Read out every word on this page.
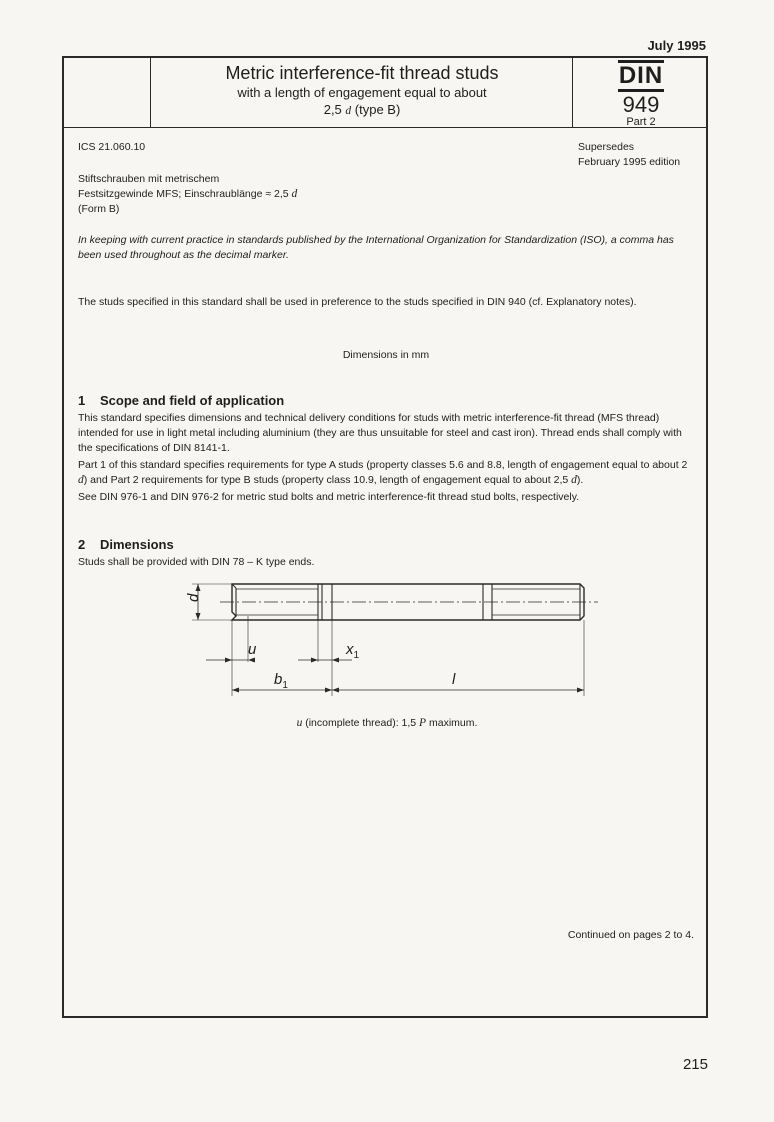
July 1995
Metric interference-fit thread studs
with a length of engagement equal to about
2,5 d (type B)
DIN
949
Part 2
ICS 21.060.10	Supersedes
February 1995 edition
Stiftschrauben mit metrischem
Festsitzgewinde MFS; Einschraublänge ≈ 2,5 d
(Form B)
In keeping with current practice in standards published by the International Organization for Standardization (ISO), a comma has been used throughout as the decimal marker.
The studs specified in this standard shall be used in preference to the studs specified in DIN 940 (cf. Explanatory notes).
Dimensions in mm
1 Scope and field of application

This standard specifies dimensions and technical delivery conditions for studs with metric interference-fit thread (MFS thread) intended for use in light metal including aluminium (they are thus unsuitable for steel and cast iron). Thread ends shall comply with the specifications of DIN 8141-1.

Part 1 of this standard specifies requirements for type A studs (property classes 5.6 and 8.8, length of engagement equal to about 2 d) and Part 2 requirements for type B studs (property class 10.9, length of engagement equal to about 2,5 d).

See DIN 976-1 and DIN 976-2 for metric stud bolts and metric interference-fit thread stud bolts, respectively.

2 Dimensions
Studs shall be provided with DIN 78 – K type ends.
d
u	$x_1$
$b_1$	l
u (incomplete thread): 1,5 P maximum.
Continued on pages 2 to 4.
215
